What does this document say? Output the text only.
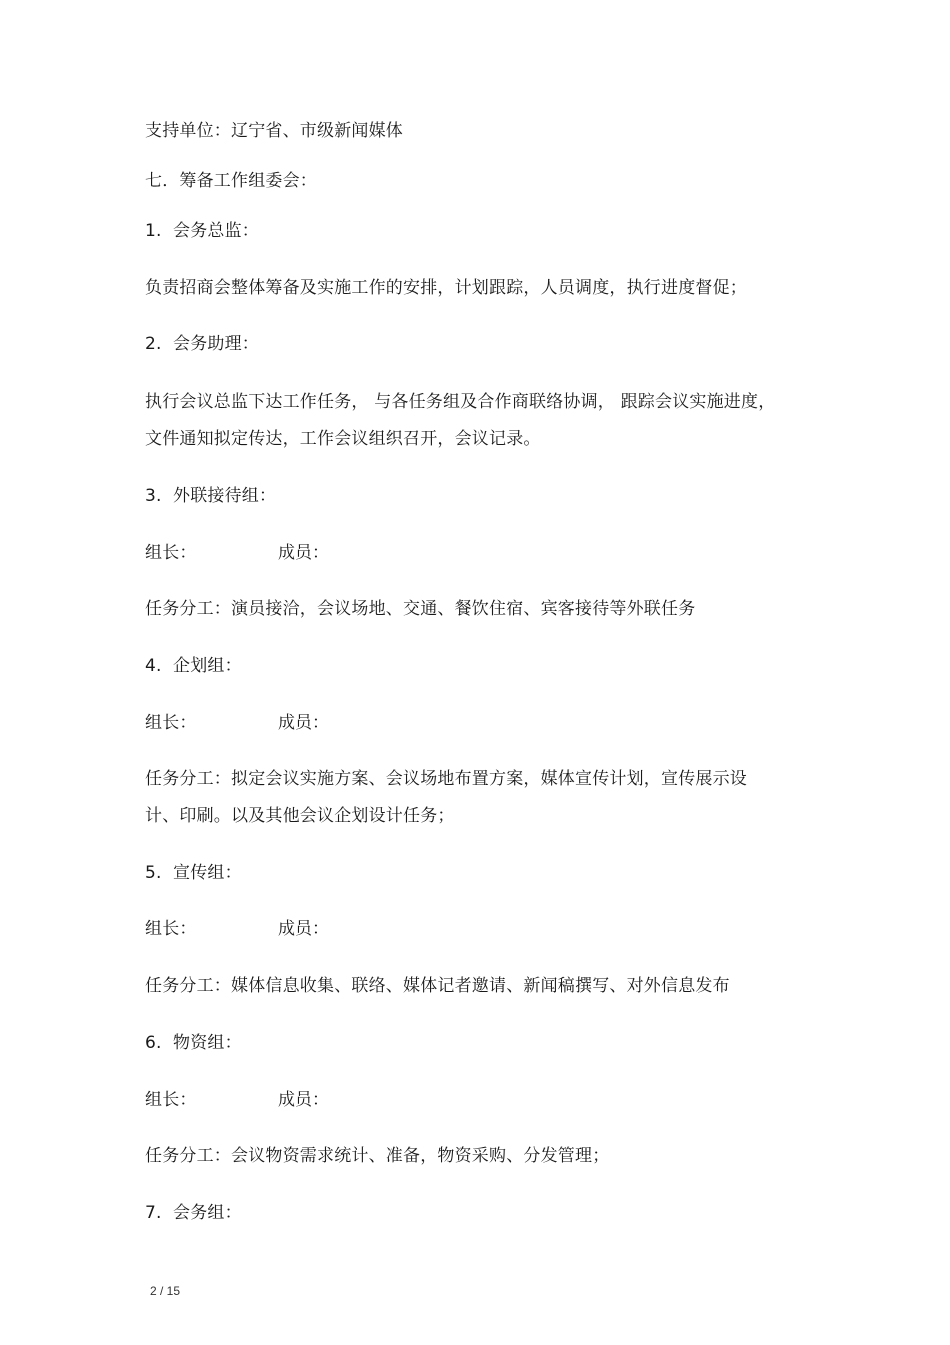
支持单位：辽宁省、市级新闻媒体
七．筹备工作组委会：
1. 会务总监：
负责招商会整体筹备及实施工作的安排，计划跟踪，人员调度，执行进度督促；
2. 会务助理：
执行会议总监下达工作任务， 与各任务组及合作商联络协调， 跟踪会议实施进度，
文件通知拟定传达，工作会议组织召开，会议记录。
3. 外联接待组：
组长：	成员：
任务分工：演员接洽，会议场地、交通、餐饮住宿、宾客接待等外联任务
4. 企划组：
组长：	成员：
任务分工：拟定会议实施方案、会议场地布置方案，媒体宣传计划，宣传展示设
计、印刷。以及其他会议企划设计任务；
5. 宣传组：
组长：	成员：
任务分工：媒体信息收集、联络、媒体记者邀请、新闻稿撰写、对外信息发布
6. 物资组：
组长：	成员：
任务分工：会议物资需求统计、准备，物资采购、分发管理；
7. 会务组：
2 / 15
